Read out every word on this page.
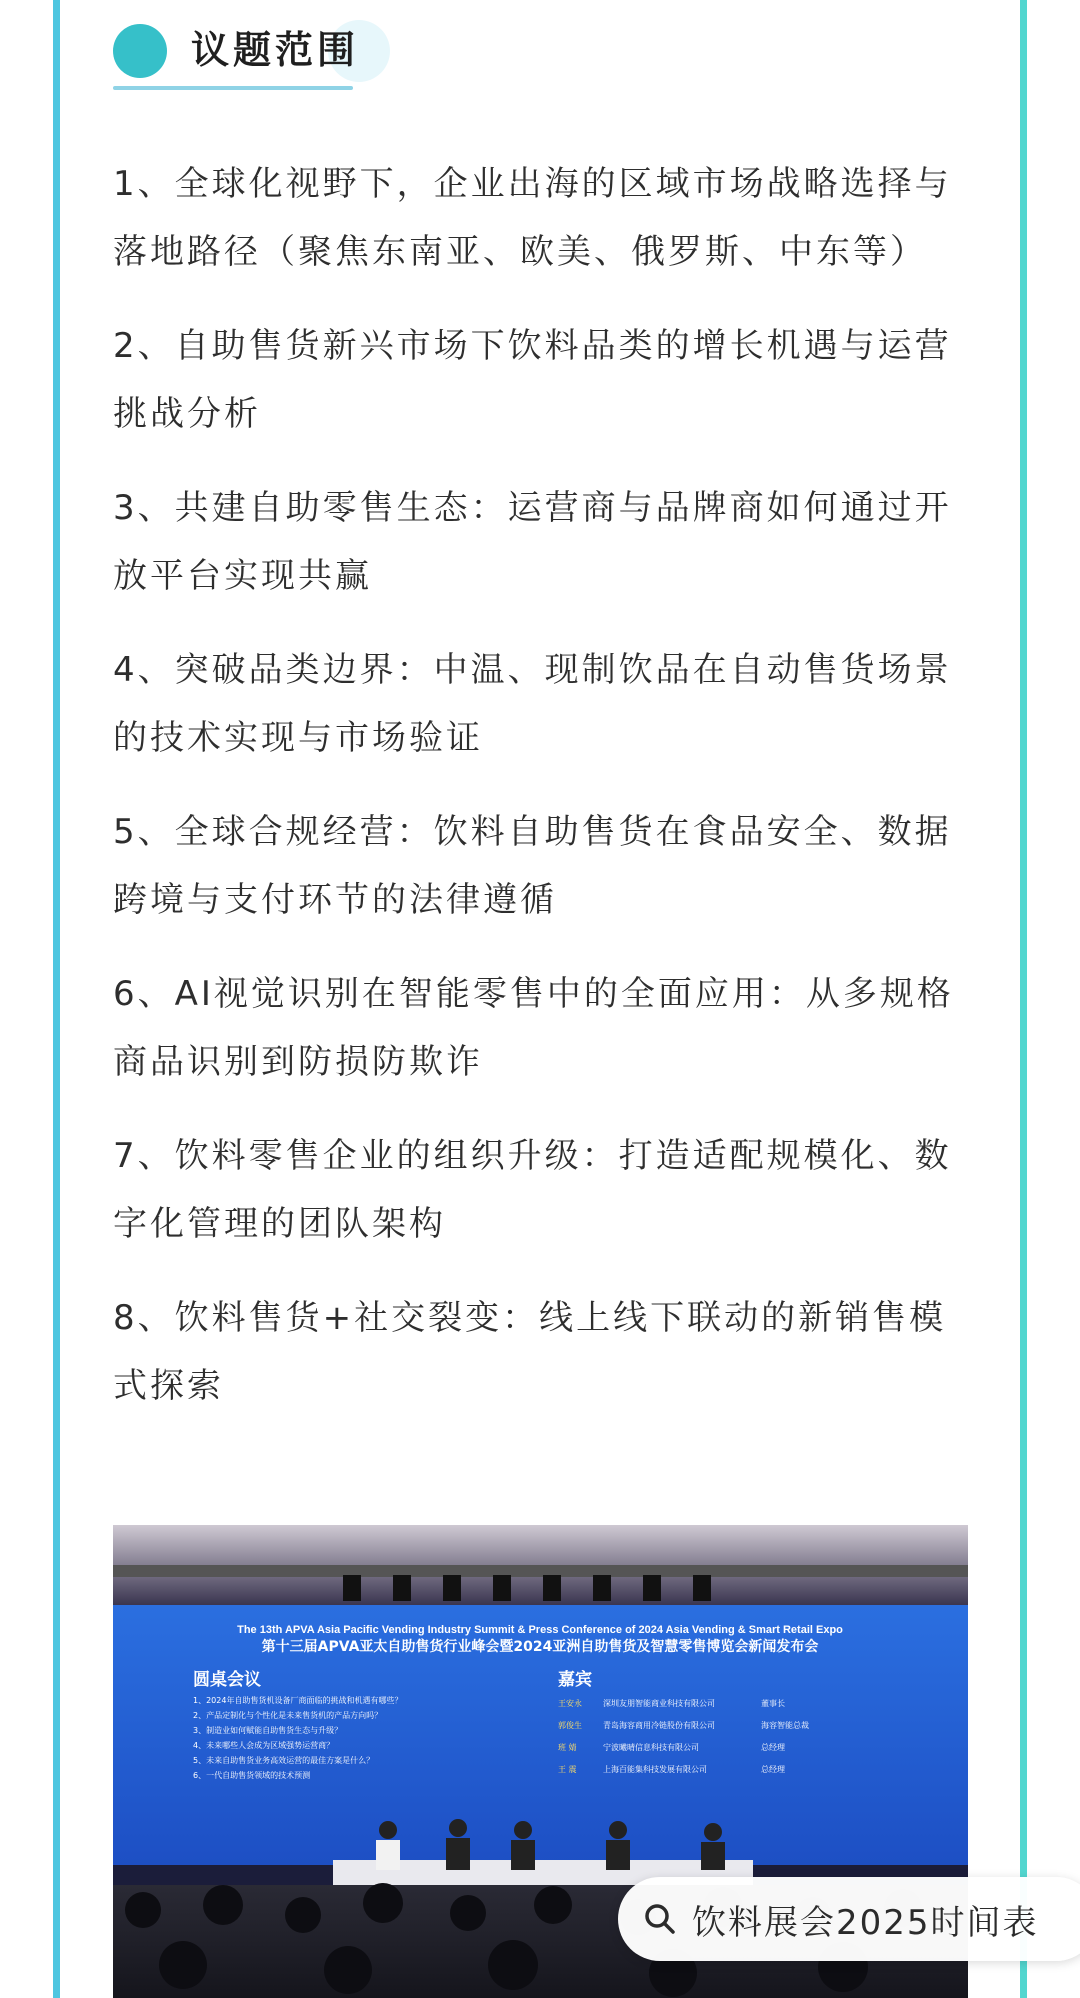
议题范围

1、全球化视野下，企业出海的区域市场战略选择与落地路径（聚焦东南亚、欧美、俄罗斯、中东等）

2、自助售货新兴市场下饮料品类的增长机遇与运营挑战分析

3、共建自助零售生态：运营商与品牌商如何通过开放平台实现共赢

4、突破品类边界：中温、现制饮品在自动售货场景的技术实现与市场验证

5、全球合规经营：饮料自助售货在食品安全、数据跨境与支付环节的法律遵循

6、AI视觉识别在智能零售中的全面应用：从多规格商品识别到防损防欺诈

7、饮料零售企业的组织升级：打造适配规模化、数字化管理的团队架构

8、饮料售货+社交裂变：线上线下联动的新销售模式探索

The 13th APVA Asia Pacific Vending Industry Summit & Press Conference of 2024 Asia Vending & Smart Retail Expo
第十三届APVA亚太自助售货行业峰会暨2024亚洲自助售货及智慧零售博览会新闻发布会
圆桌会议
1、2024年自助售货机设备厂商面临的挑战和机遇有哪些？
2、产品定制化与个性化是未来售货机的产品方向吗？
3、制造业如何赋能自助售货生态与升级？
4、未来哪些人会成为区域强势运营商？
5、未来自助售货业务高效运营的最佳方案是什么？
6、一代自助售货领域的技术预测
嘉宾
王安永	深圳友朋智能商业科技有限公司	董事长
郭俊生	青岛海容商用冷链股份有限公司	海容智能总裁
班 婧	宁波曦晴信息科技有限公司	总经理
王 震	上海百能集科技发展有限公司	总经理
饮料展会2025时间表
